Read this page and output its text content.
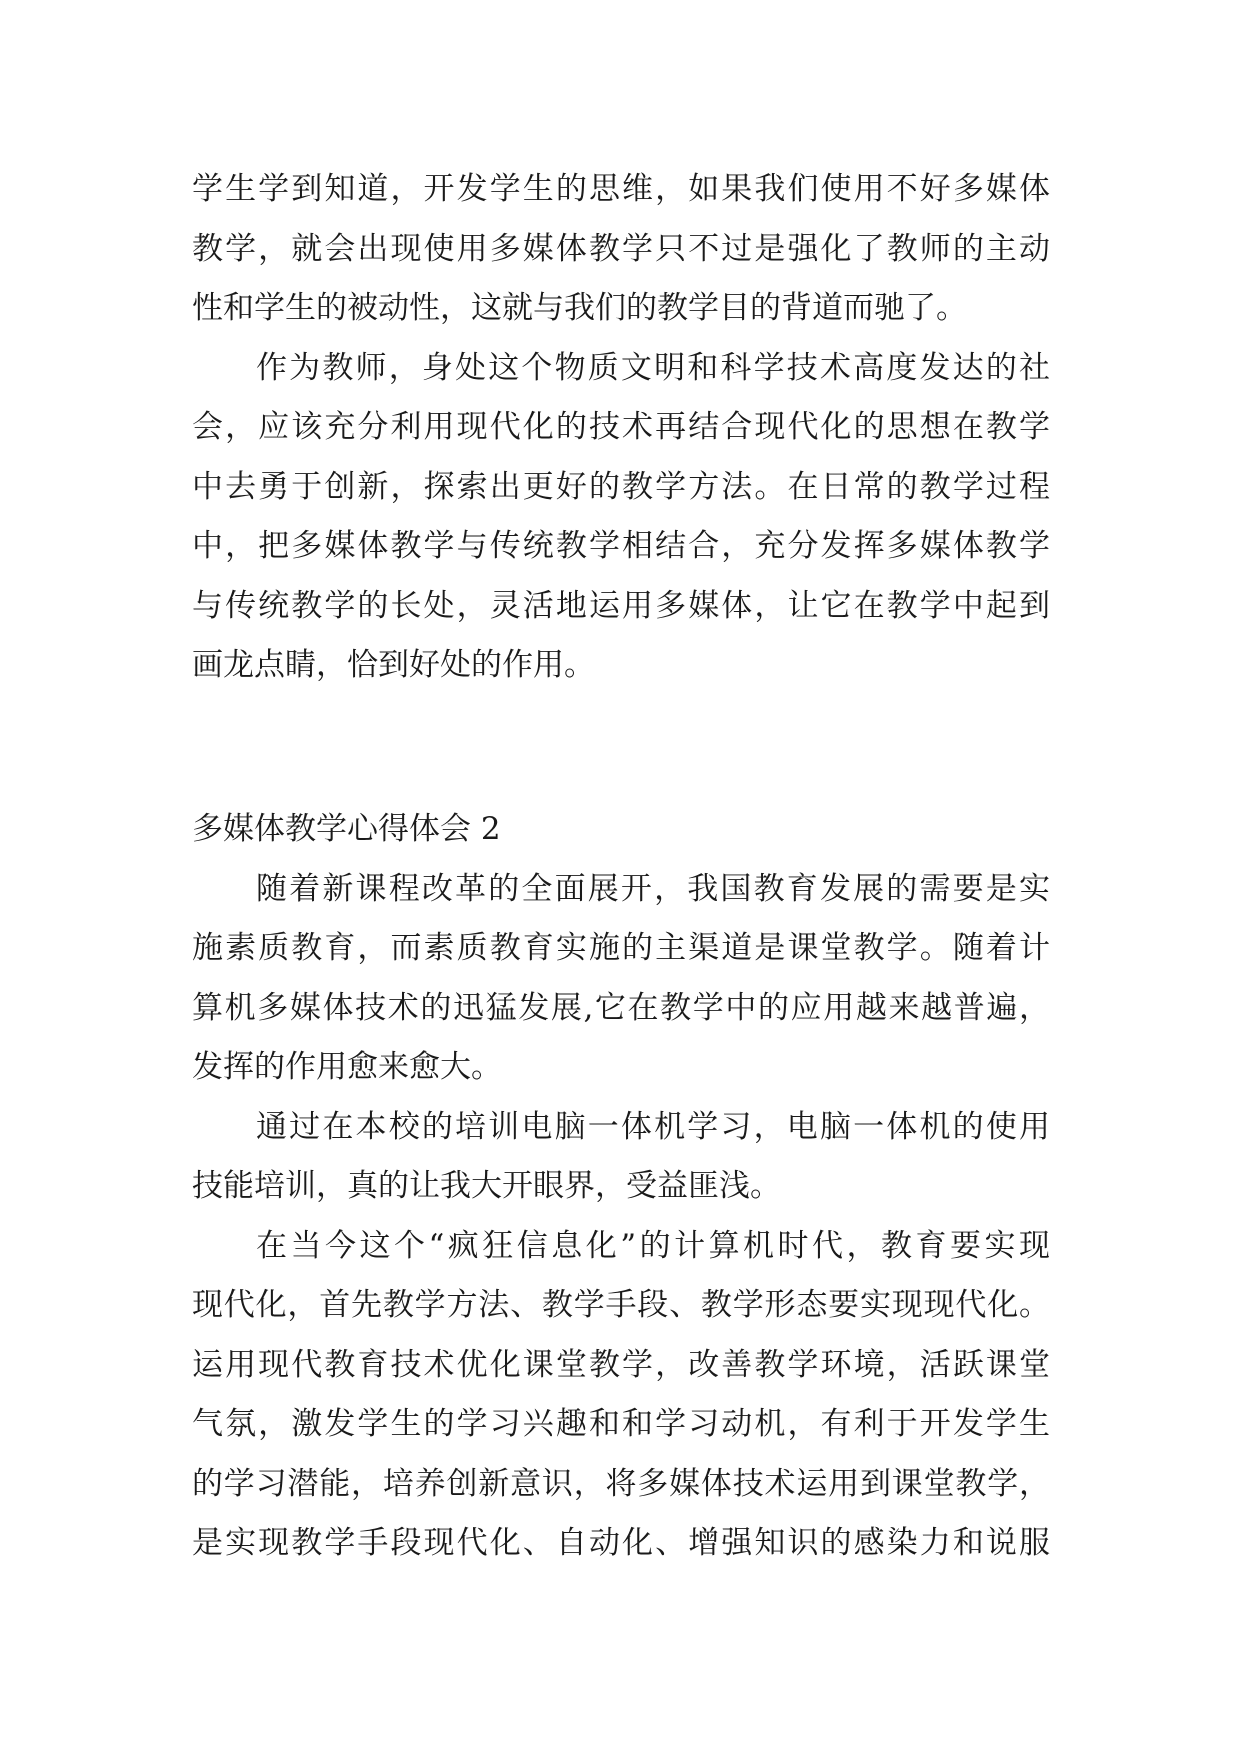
学生学到知道，开发学生的思维，如果我们使用不好多媒体
教学，就会出现使用多媒体教学只不过是强化了教师的主动
性和学生的被动性，这就与我们的教学目的背道而驰了。
作为教师，身处这个物质文明和科学技术高度发达的社
会，应该充分利用现代化的技术再结合现代化的思想在教学
中去勇于创新，探索出更好的教学方法。在日常的教学过程
中，把多媒体教学与传统教学相结合，充分发挥多媒体教学
与传统教学的长处，灵活地运用多媒体，让它在教学中起到
画龙点睛，恰到好处的作用。
多媒体教学心得体会 2
随着新课程改革的全面展开，我国教育发展的需要是实
施素质教育，而素质教育实施的主渠道是课堂教学。随着计
算机多媒体技术的迅猛发展,它在教学中的应用越来越普遍，
发挥的作用愈来愈大。
通过在本校的培训电脑一体机学习，电脑一体机的使用
技能培训，真的让我大开眼界，受益匪浅。
在当今这个“疯狂信息化”的计算机时代，教育要实现
现代化，首先教学方法、教学手段、教学形态要实现现代化。
运用现代教育技术优化课堂教学，改善教学环境，活跃课堂
气氛，激发学生的学习兴趣和和学习动机，有利于开发学生
的学习潜能，培养创新意识，将多媒体技术运用到课堂教学，
是实现教学手段现代化、自动化、增强知识的感染力和说服
